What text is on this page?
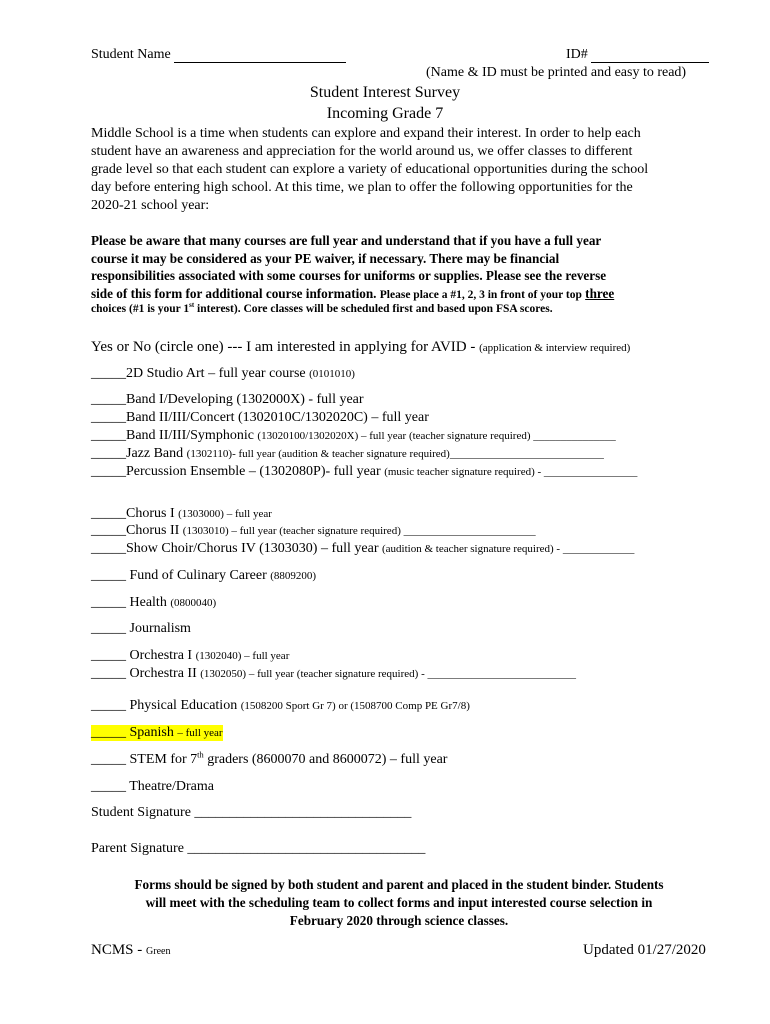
Student Name	ID#
(Name & ID must be printed and easy to read)
Student Interest Survey
Incoming Grade 7
Middle School is a time when students can explore and expand their interest. In order to help each
student have an awareness and appreciation for the world around us, we offer classes to different
grade level so that each student can explore a variety of educational opportunities during the school
day before entering high school. At this time, we plan to offer the following opportunities for the
2020-21 school year:
Please be aware that many courses are full year and understand that if you have a full year
course it may be considered as your PE waiver, if necessary. There may be financial
responsibilities associated with some courses for uniforms or supplies. Please see the reverse
side of this form for additional course information. Please place a #1, 2, 3 in front of your top three
choices (#1 is your 1st interest). Core classes will be scheduled first and based upon FSA scores.
Yes or No (circle one) --- I am interested in applying for AVID - (application & interview required)
_____2D Studio Art – full year course (0101010)
_____Band I/Developing (1302000X) - full year
_____Band II/III/Concert (1302010C/1302020C) – full year
_____Band II/III/Symphonic (13020100/1302020X) – full year (teacher signature required) _______________
_____Jazz Band (1302110)- full year (audition & teacher signature required)____________________________
_____Percussion Ensemble – (1302080P)- full year (music teacher signature required) - _________________
_____Chorus I (1303000) – full year
_____Chorus II (1303010) – full year (teacher signature required) ________________________
_____Show Choir/Chorus IV (1303030) – full year (audition & teacher signature required) - _____________
_____ Fund of Culinary Career (8809200)
_____ Health (0800040)
_____ Journalism
_____ Orchestra I (1302040) – full year
_____ Orchestra II (1302050) – full year (teacher signature required) - ___________________________
_____ Physical Education (1508200 Sport Gr 7) or (1508700 Comp PE Gr7/8)
_____ Spanish – full year
_____ STEM for 7th graders (8600070 and 8600072) – full year
_____ Theatre/Drama
Student Signature _______________________________
Parent Signature __________________________________
Forms should be signed by both student and parent and placed in the student binder. Students
will meet with the scheduling team to collect forms and input interested course selection in
February 2020 through science classes.
NCMS - Green	Updated 01/27/2020
